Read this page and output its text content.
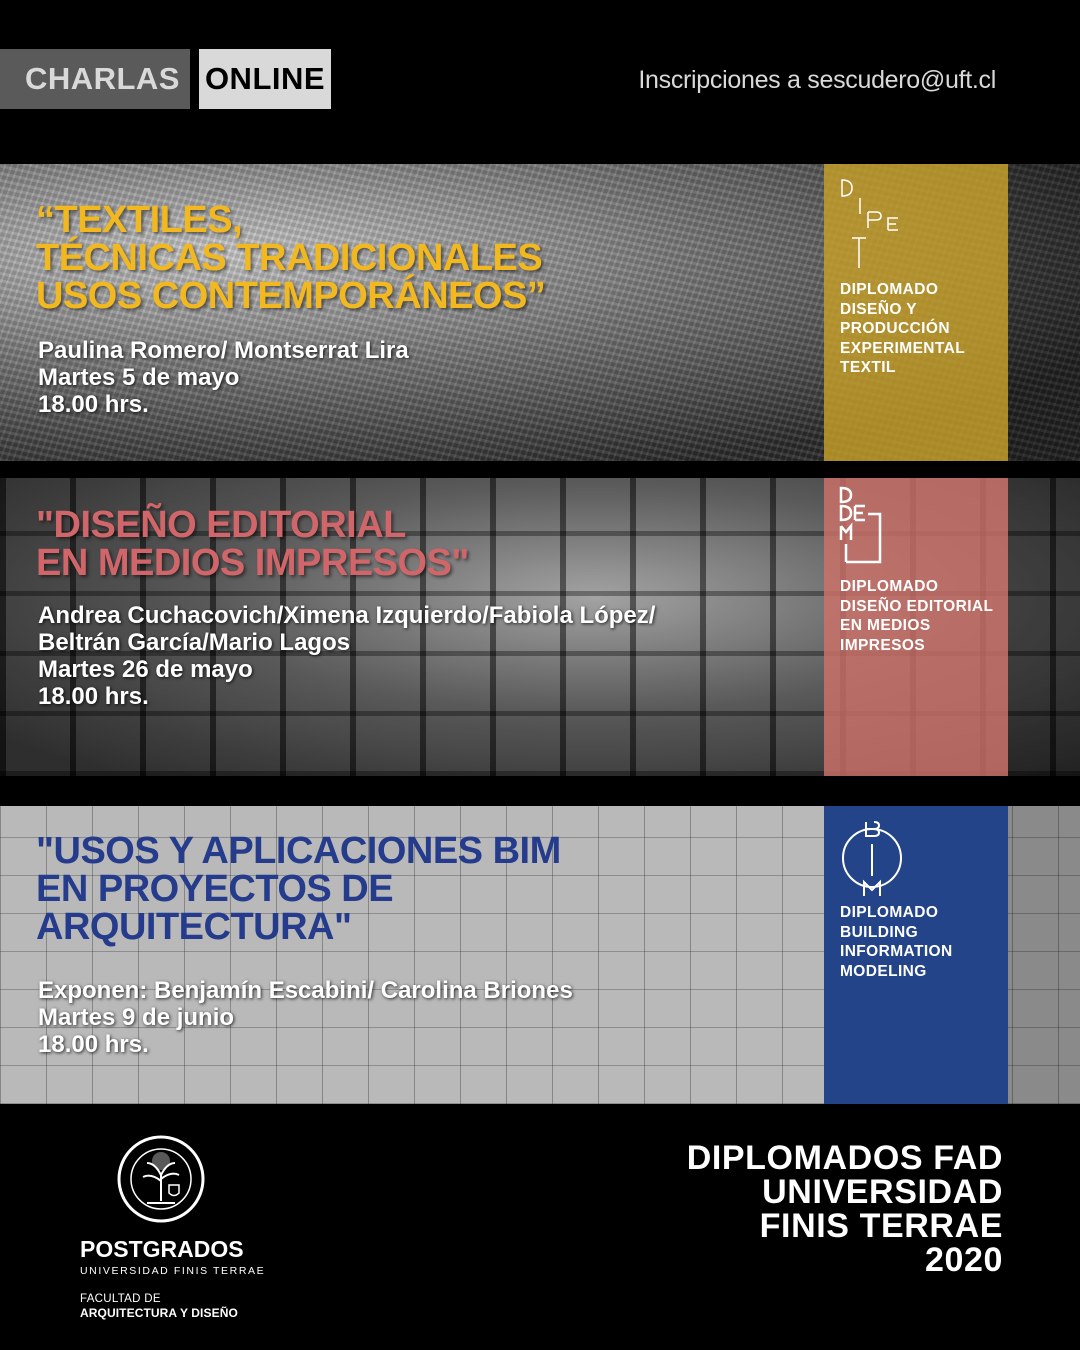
CHARLAS ONLINE	Inscripciones a sescudero@uft.cl
“TEXTILES,
TÉCNICAS TRADICIONALES
USOS CONTEMPORÁNEOS”
Paulina Romero/ Montserrat Lira
Martes 5 de mayo
18.00 hrs.
DIPLOMADO
DISEÑO Y
PRODUCCIÓN
EXPERIMENTAL
TEXTIL
"DISEÑO EDITORIAL
EN MEDIOS IMPRESOS"
Andrea Cuchacovich/Ximena Izquierdo/Fabiola López/
Beltrán García/Mario Lagos
Martes 26 de mayo
18.00 hrs.
DIPLOMADO
DISEÑO EDITORIAL
EN MEDIOS
IMPRESOS
"USOS Y APLICACIONES BIM
EN PROYECTOS DE
ARQUITECTURA"
Exponen: Benjamín Escabini/ Carolina Briones
Martes 9 de junio
18.00 hrs.
DIPLOMADO
BUILDING
INFORMATION
MODELING
POSTGRADOS
UNIVERSIDAD FINIS TERRAE
FACULTAD DE
ARQUITECTURA Y DISEÑO
DIPLOMADOS FAD
UNIVERSIDAD
FINIS TERRAE
2020
